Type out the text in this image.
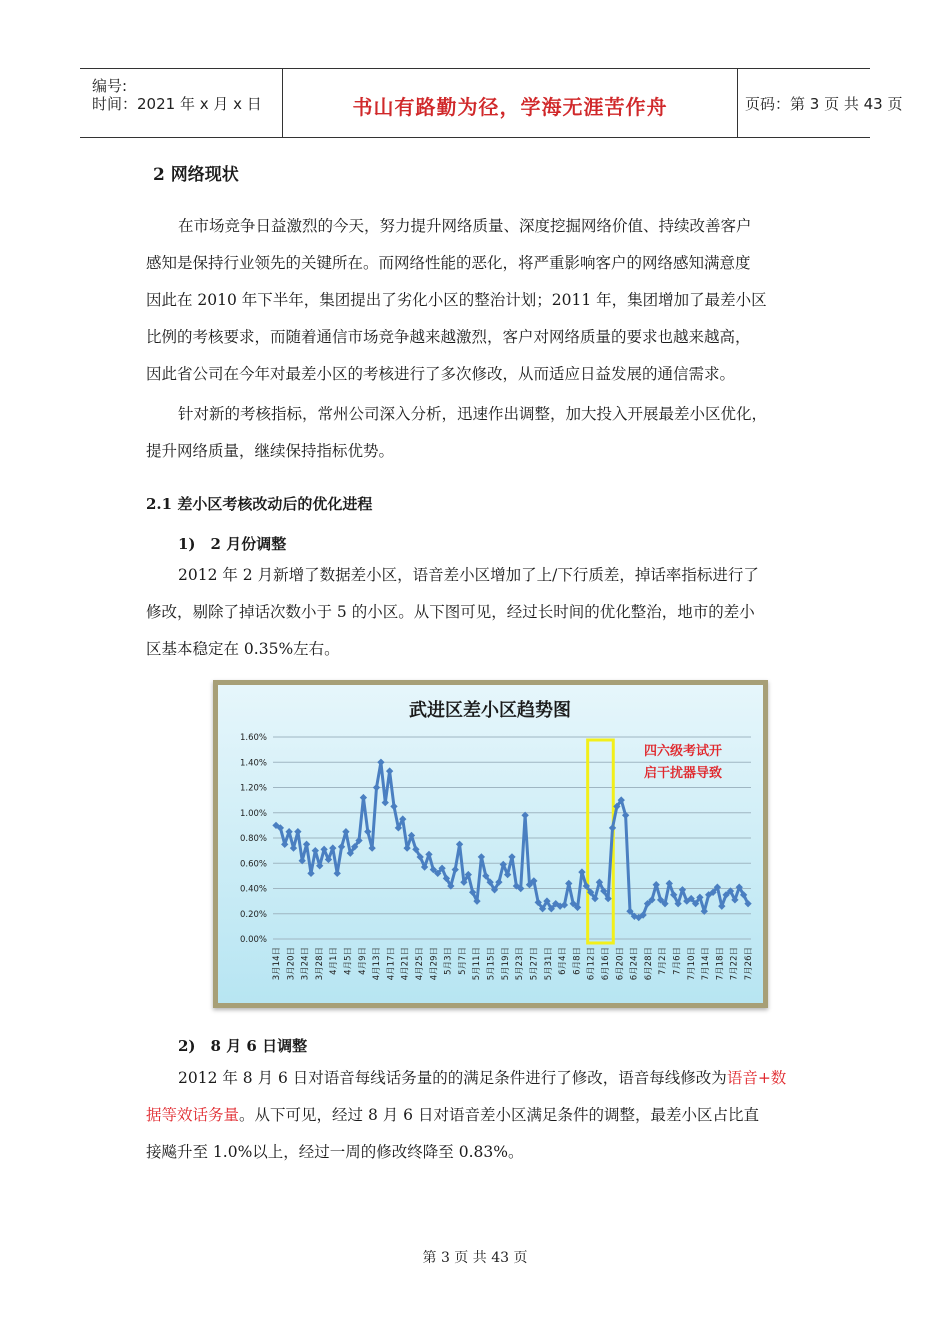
编号:
时间：2021 年 x 月 x 日	书山有路勤为径，学海无涯苦作舟	页码：第 3 页 共 43 页
2 网络现状
在市场竞争日益激烈的今天，努力提升网络质量、深度挖掘网络价值、持续改善客户
感知是保持行业领先的关键所在。而网络性能的恶化，将严重影响客户的网络感知满意度
因此在 2010 年下半年，集团提出了劣化小区的整治计划；2011 年，集团增加了最差小区
比例的考核要求，而随着通信市场竞争越来越激烈，客户对网络质量的要求也越来越高，
因此省公司在今年对最差小区的考核进行了多次修改，从而适应日益发展的通信需求。
针对新的考核指标，常州公司深入分析，迅速作出调整，加大投入开展最差小区优化，
提升网络质量，继续保持指标优势。
2.1 差小区考核改动后的优化进程
1)　2 月份调整
2012 年 2 月新增了数据差小区，语音差小区增加了上/下行质差，掉话率指标进行了
修改，剔除了掉话次数小于 5 的小区。从下图可见，经过长时间的优化整治，地市的差小
区基本稳定在 0.35%左右。
武进区差小区趋势图
0.00%
0.20%
0.40%
0.60%
0.80%
1.00%
1.20%
1.40%
1.60%
3月14日 3月20日 3月24日 3月28日 4月1日 4月5日 4月9日 4月13日 4月17日 4月21日 4月25日 4月29日 5月3日 5月7日 5月11日 5月15日 5月19日 5月23日 5月27日 5月31日 6月4日 6月8日 6月12日 6月16日 6月20日 6月24日 6月28日 7月2日 7月6日 7月10日 7月14日 7月18日 7月22日 7月26日
四六级考试开
启干扰器导致
2)　8 月 6 日调整
2012 年 8 月 6 日对语音每线话务量的的满足条件进行了修改，语音每线修改为语音+数
据等效话务量。从下可见，经过 8 月 6 日对语音差小区满足条件的调整，最差小区占比直
接飚升至 1.0%以上，经过一周的修改终降至 0.83%。
第 3 页 共 43 页
